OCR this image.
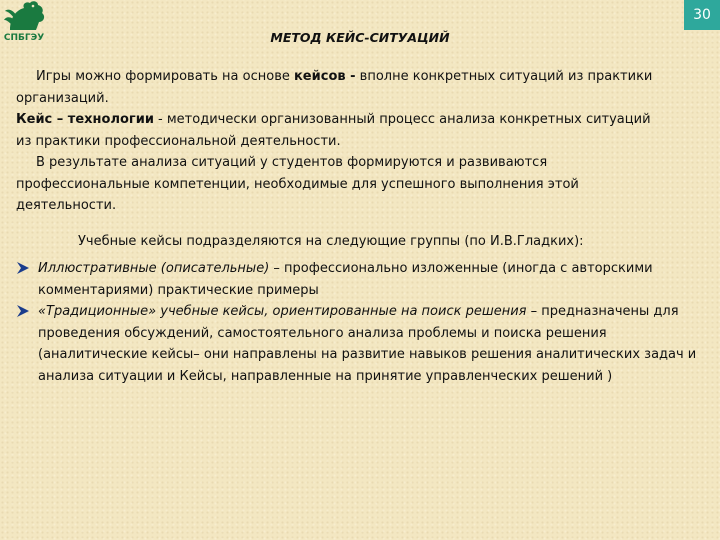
СПБГЭУ
30
МЕТОД КЕЙС-СИТУАЦИЙ

Игры можно формировать на основе кейсов - вполне конкретных ситуаций из практики организаций.

Кейс – технологии - методически организованный процесс анализа конкретных ситуаций из практики профессиональной деятельности.

В результате анализа ситуаций у студентов формируются и развиваются профессиональные компетенции, необходимые для успешного выполнения этой деятельности.

Учебные кейсы подразделяются на следующие группы (по И.В.Гладких):
Иллюстративные (описательные) – профессионально изложенные (иногда с авторскими комментариями) практические примеры
«Традиционные» учебные кейсы, ориентированные на поиск решения – предназначены для проведения обсуждений, самостоятельного анализа проблемы и поиска решения (аналитические кейсы– они направлены на развитие навыков решения аналитических задач и анализа ситуации и Кейсы, направленные на принятие управленческих решений )
